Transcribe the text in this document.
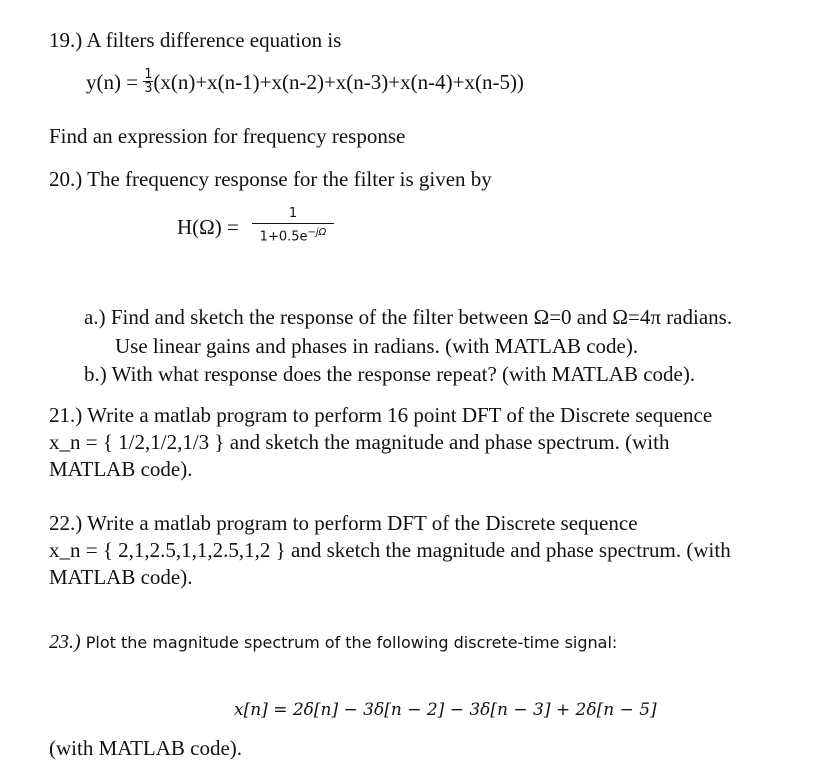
19.) A filters difference equation is
$y(n) = \frac{1}{3} (x(n)+x(n-1)+x(n-2)+x(n-3)+x(n-4)+x(n-5))$
Find an expression for frequency response
20.) The frequency response for the filter is given by
H(Ω) =
1
$1+0.5e^{-j\Omega}$
a.) Find and sketch the response of the filter between Ω=0 and Ω=4π radians.
Use linear gains and phases in radians. (with MATLAB code).
b.) With what response does the response repeat? (with MATLAB code).
21.) Write a matlab program to perform 16 point DFT of the Discrete sequence
x_n = { 1/2,1/2,1/3 } and sketch the magnitude and phase spectrum. (with
MATLAB code).
22.) Write a matlab program to perform DFT of the Discrete sequence
x_n = { 2,1,2.5,1,1,2.5,1,2 } and sketch the magnitude and phase spectrum. (with
MATLAB code).
23.) Plot the magnitude spectrum of the following discrete-time signal:
x[n] = 2δ[n] − 3δ[n − 2] − 3δ[n − 3] + 2δ[n − 5]
(with MATLAB code).
